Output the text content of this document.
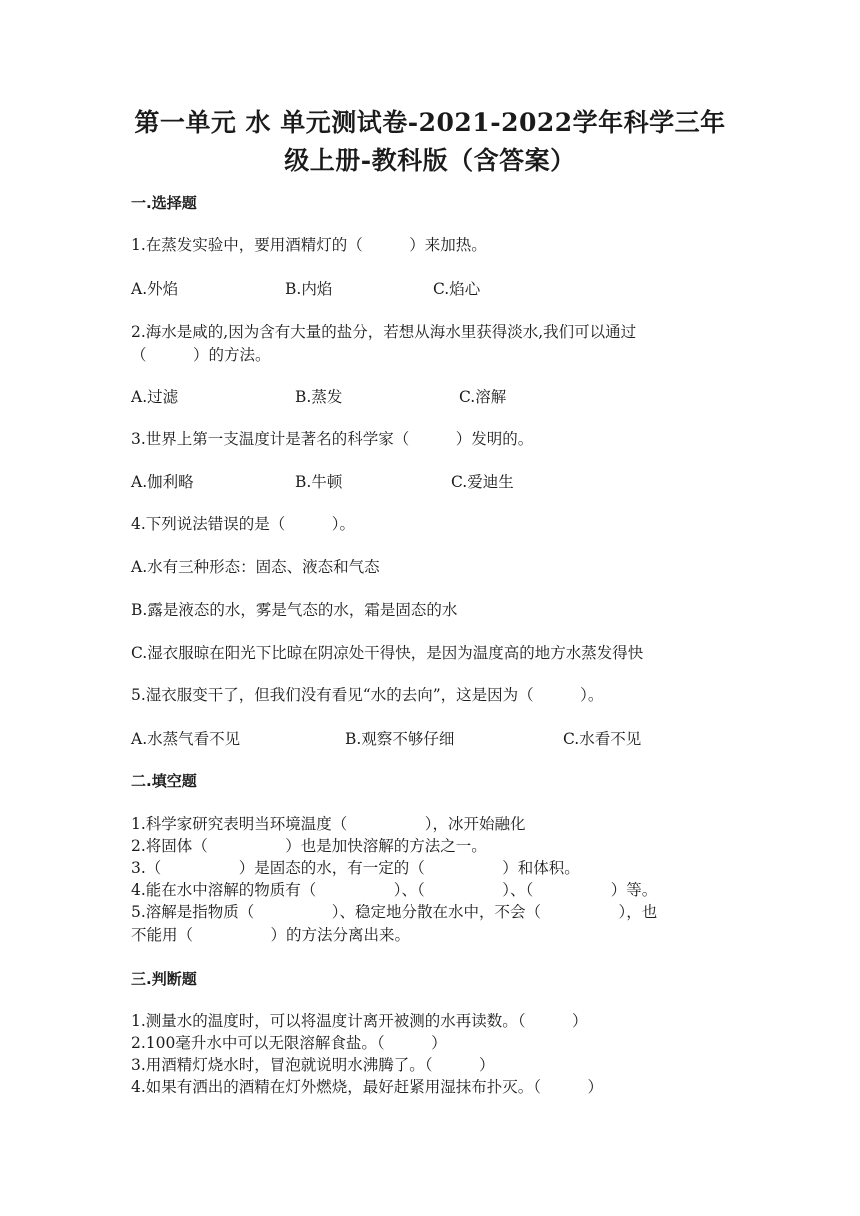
第一单元 水 单元测试卷-2021-2022学年科学三年
级上册-教科版（含答案）
一.选择题
1.在蒸发实验中，要用酒精灯的（　　　）来加热。

A.外焰

	B.内焰

	C.焰心

2.海水是咸的,因为含有大量的盐分，若想从海水里获得淡水,我们可以通过
（　　　）的方法。

A.过滤

	B.蒸发

	C.溶解

3.世界上第一支温度计是著名的科学家（　　　）发明的。

A.伽利略

	B.牛顿

	C.爱迪生

4.下列说法错误的是（　　　）。
A.水有三种形态：固态、液态和气态
B.露是液态的水，雾是气态的水，霜是固态的水
C.湿衣服晾在阳光下比晾在阴凉处干得快，是因为温度高的地方水蒸发得快
5.湿衣服变干了，但我们没有看见“水的去向”，这是因为（　　　）。

A.水蒸气看不见

	B.观察不够仔细

	C.水看不见

二.填空题
1.科学家研究表明当环境温度（　　　　　），冰开始融化
2.将固体（　　　　　）也是加快溶解的方法之一。
3.（　　　　　）是固态的水，有一定的（　　　　　）和体积。
4.能在水中溶解的物质有（　　　　　）、（　　　　　）、（　　　　　）等。
5.溶解是指物质（　　　　　）、稳定地分散在水中，不会（　　　　　），也
不能用（　　　　　）的方法分离出来。
三.判断题
1.测量水的温度时，可以将温度计离开被测的水再读数。（　　　）
2.100毫升水中可以无限溶解食盐。（　　　）
3.用酒精灯烧水时，冒泡就说明水沸腾了。（　　　）
4.如果有洒出的酒精在灯外燃烧，最好赶紧用湿抹布扑灭。（　　　）
